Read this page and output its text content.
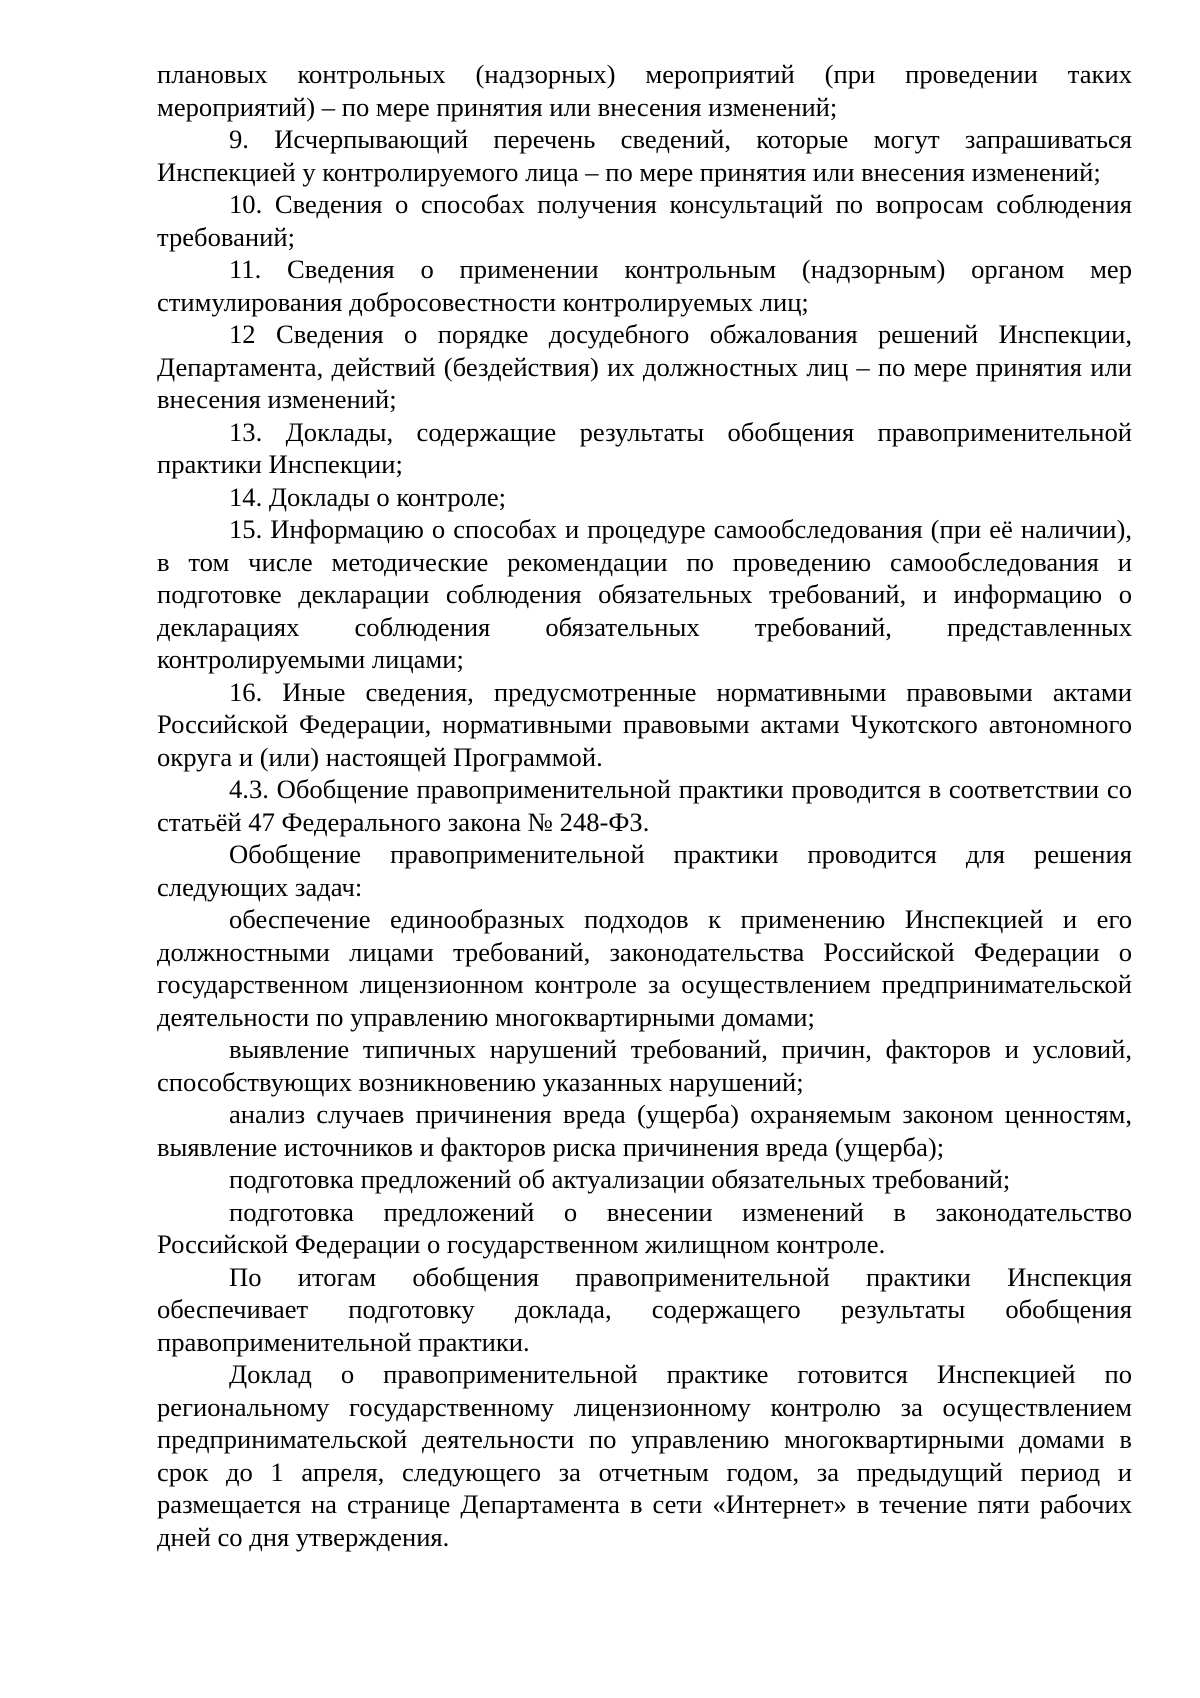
плановых контрольных (надзорных) мероприятий (при проведении таких мероприятий) – по мере принятия или внесения изменений;

9. Исчерпывающий перечень сведений, которые могут запрашиваться Инспекцией у контролируемого лица – по мере принятия или внесения изменений;

10. Сведения о способах получения консультаций по вопросам соблюдения требований;

11. Сведения о применении контрольным (надзорным) органом мер стимулирования добросовестности контролируемых лиц;

12 Сведения о порядке досудебного обжалования решений Инспекции, Департамента, действий (бездействия) их должностных лиц – по мере принятия или внесения изменений;

13. Доклады, содержащие результаты обобщения правоприменительной практики Инспекции;

14. Доклады о контроле;

15. Информацию о способах и процедуре самообследования (при её наличии), в том числе методические рекомендации по проведению самообследования и подготовке декларации соблюдения обязательных требований, и информацию о декларациях соблюдения обязательных требований, представленных контролируемыми лицами;

16. Иные сведения, предусмотренные нормативными правовыми актами Российской Федерации, нормативными правовыми актами Чукотского автономного округа и (или) настоящей Программой.

4.3. Обобщение правоприменительной практики проводится в соответствии со статьёй 47 Федерального закона № 248-ФЗ.

Обобщение правоприменительной практики проводится для решения следующих задач:

обеспечение единообразных подходов к применению Инспекцией и его должностными лицами требований, законодательства Российской Федерации о государственном лицензионном контроле за осуществлением предпринимательской деятельности по управлению многоквартирными домами;

выявление типичных нарушений требований, причин, факторов и условий, способствующих возникновению указанных нарушений;

анализ случаев причинения вреда (ущерба) охраняемым законом ценностям, выявление источников и факторов риска причинения вреда (ущерба);

подготовка предложений об актуализации обязательных требований;

подготовка предложений о внесении изменений в законодательство Российской Федерации о государственном жилищном контроле.

По итогам обобщения правоприменительной практики Инспекция обеспечивает подготовку доклада, содержащего результаты обобщения правоприменительной практики.

Доклад о правоприменительной практике готовится Инспекцией по региональному государственному лицензионному контролю за осуществлением предпринимательской деятельности по управлению многоквартирными домами в срок до 1 апреля, следующего за отчетным годом, за предыдущий период и размещается на странице Департамента в сети «Интернет» в течение пяти рабочих дней со дня утверждения.
